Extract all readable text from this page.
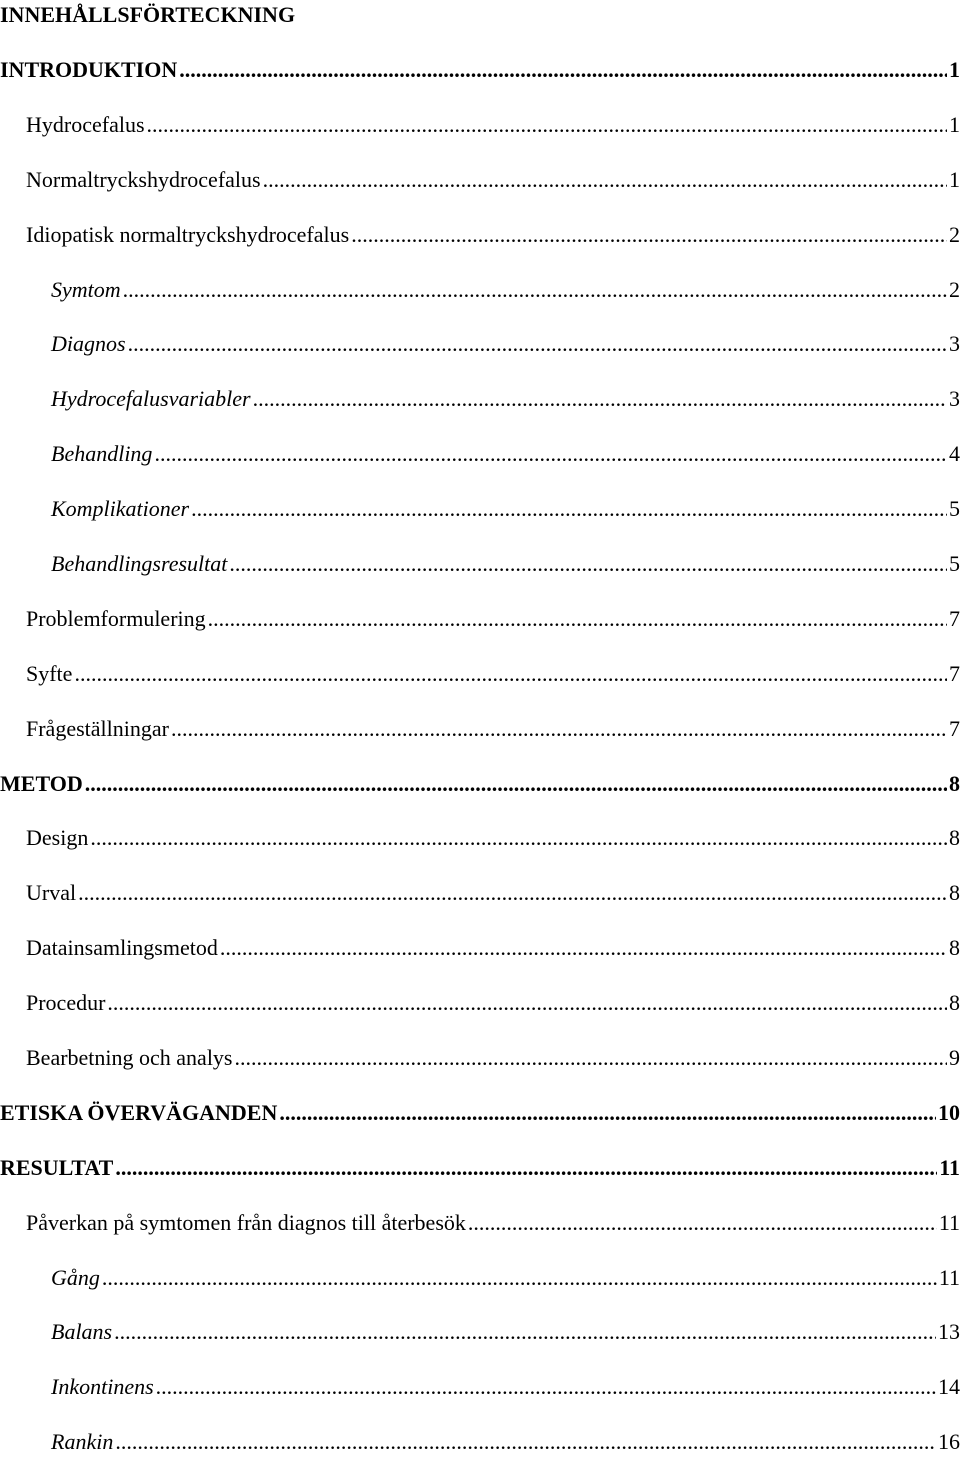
INNEHÅLLSFÖRTECKNING
INTRODUKTION .....	1
Hydrocefalus .....	1
Normaltryckshydrocefalus .....	1
Idiopatisk normaltryckshydrocefalus .....	2
Symtom .....	2
Diagnos .....	3
Hydrocefalusvariabler .....	3
Behandling .....	4
Komplikationer .....	5
Behandlingsresultat .....	5
Problemformulering .....	7
Syfte .....	7
Frågeställningar .....	7
METOD .....	8
Design .....	8
Urval .....	8
Datainsamlingsmetod .....	8
Procedur .....	8
Bearbetning och analys .....	9
ETISKA ÖVERVÄGANDEN .....	10
RESULTAT .....	11
Påverkan på symtomen från diagnos till återbesök .....	11
Gång .....	11
Balans .....	13
Inkontinens .....	14
Rankin .....	16
